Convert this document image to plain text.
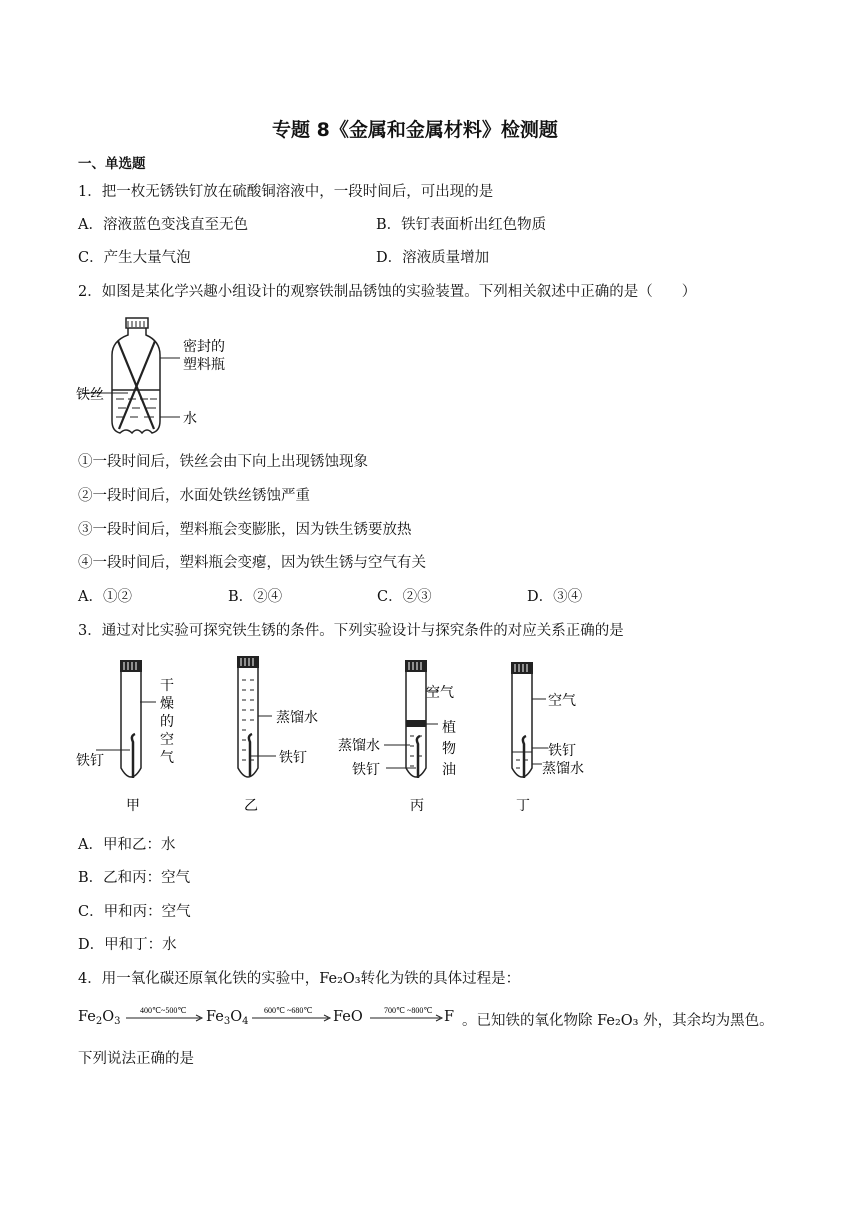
专题 8《金属和金属材料》检测题
一、单选题
1．把一枚无锈铁钉放在硫酸铜溶液中，一段时间后，可出现的是
A．溶液蓝色变浅直至无色	B．铁钉表面析出红色物质
C．产生大量气泡	D．溶液质量增加
2．如图是某化学兴趣小组设计的观察铁制品锈蚀的实验装置。下列相关叙述中正确的是（　　）
密封的
塑料瓶
铁丝
水
①一段时间后，铁丝会由下向上出现锈蚀现象
②一段时间后，水面处铁丝锈蚀严重
③一段时间后，塑料瓶会变膨胀，因为铁生锈要放热
④一段时间后，塑料瓶会变瘪，因为铁生锈与空气有关
A．①②	B．②④	C．②③	D．③④
3．通过对比实验可探究铁生锈的条件。下列实验设计与探究条件的对应关系正确的是
铁钉
干
燥
的
空
气
甲
蒸馏水
铁钉
乙
空气
植
物
油
蒸馏水
铁钉
丙
空气
铁钉
蒸馏水
丁
A．甲和乙：水
B．乙和丙：空气
C．甲和丙：空气
D．甲和丁：水
4．用一氧化碳还原氧化铁的实验中，Fe₂O₃转化为铁的具体过程是：
$Fe_2O_3$
400℃~500℃ $Fe_3O_4$
600℃ ~680℃ FeO	700℃ ~800℃ F  。已知铁的氧化物除 Fe₂O₃ 外，其余均为黑色。
下列说法正确的是
